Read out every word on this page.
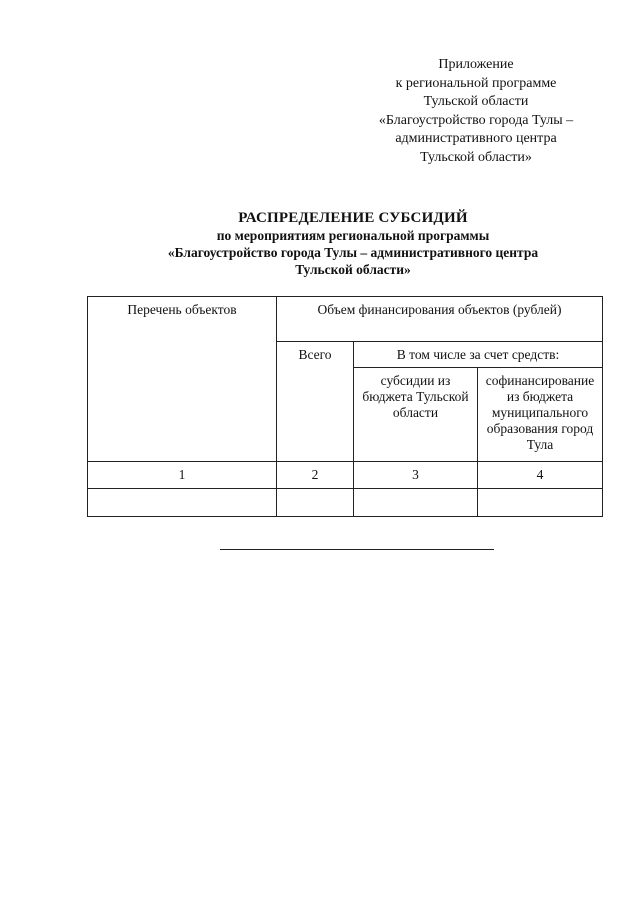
Приложение
к региональной программе
Тульской области
«Благоустройство города Тулы –
административного центра
Тульской области»
РАСПРЕДЕЛЕНИЕ СУБСИДИЙ
по мероприятиям региональной программы
«Благоустройство города Тулы – административного центра
Тульской области»
Перечень объектов	Объем финансирования объектов (рублей)		
	Всего	В том числе за счет средств:	
		субсидии из бюджета Тульской области	софинансирование из бюджета муниципального образования город Тула
1	2	3	4
